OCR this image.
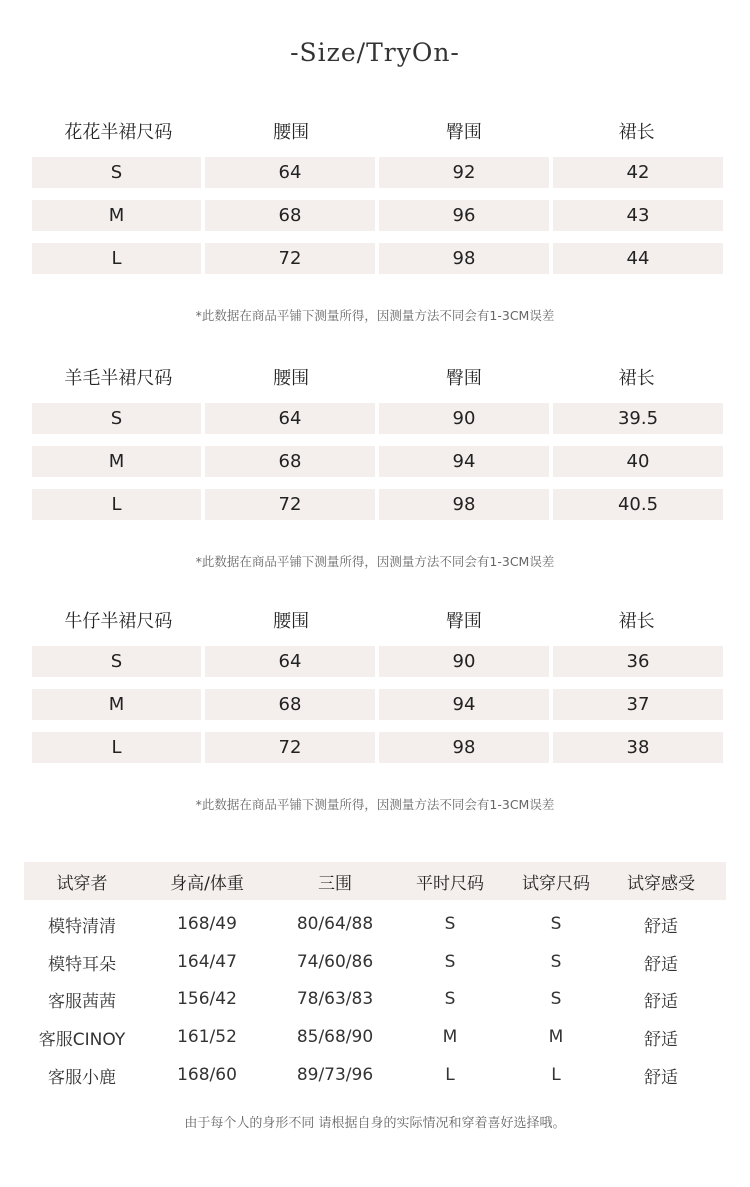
-Size/TryOn-
花花半裙尺码	腰围	臀围	裙长
S	64	92	42
M	68	96	43
L	72	98	44
*此数据在商品平铺下测量所得，因测量方法不同会有1-3CM误差
羊毛半裙尺码	腰围	臀围	裙长
S	64	90	39.5
M	68	94	40
L	72	98	40.5
*此数据在商品平铺下测量所得，因测量方法不同会有1-3CM误差
牛仔半裙尺码	腰围	臀围	裙长
S	64	90	36
M	68	94	37
L	72	98	38
*此数据在商品平铺下测量所得，因测量方法不同会有1-3CM误差
试穿者	身高/体重	三围	平时尺码	试穿尺码	试穿感受
模特清清	168/49	80/64/88	S	S	舒适
模特耳朵	164/47	74/60/86	S	S	舒适
客服茜茜	156/42	78/63/83	S	S	舒适
客服CINOY	161/52	85/68/90	M	M	舒适
客服小鹿	168/60	89/73/96	L	L	舒适
由于每个人的身形不同 请根据自身的实际情况和穿着喜好选择哦。
